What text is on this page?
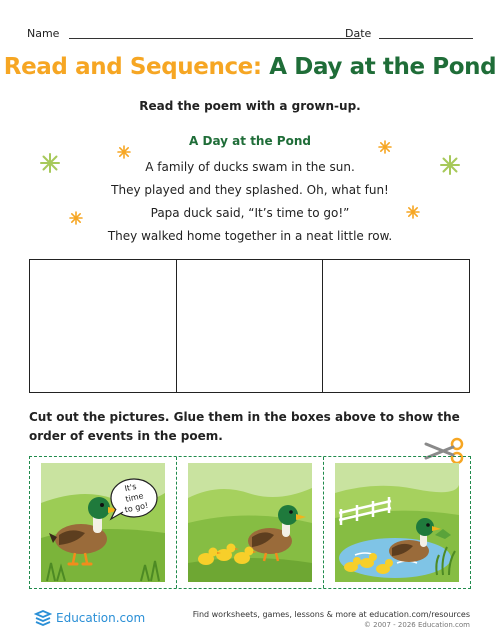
Name	Date
Read and Sequence: A Day at the Pond
Read the poem with a grown-up.
A Day at the Pond
A family of ducks swam in the sun.
They played and they splashed. Oh, what fun!
Papa duck said, “It’s time to go!”
They walked home together in a neat little row.
Cut out the pictures. Glue them in the boxes above to show the order of events in the poem.
It's
time
to go!
Education.com	Find worksheets, games, lessons & more at education.com/resources
© 2007 - 2026 Education.com
